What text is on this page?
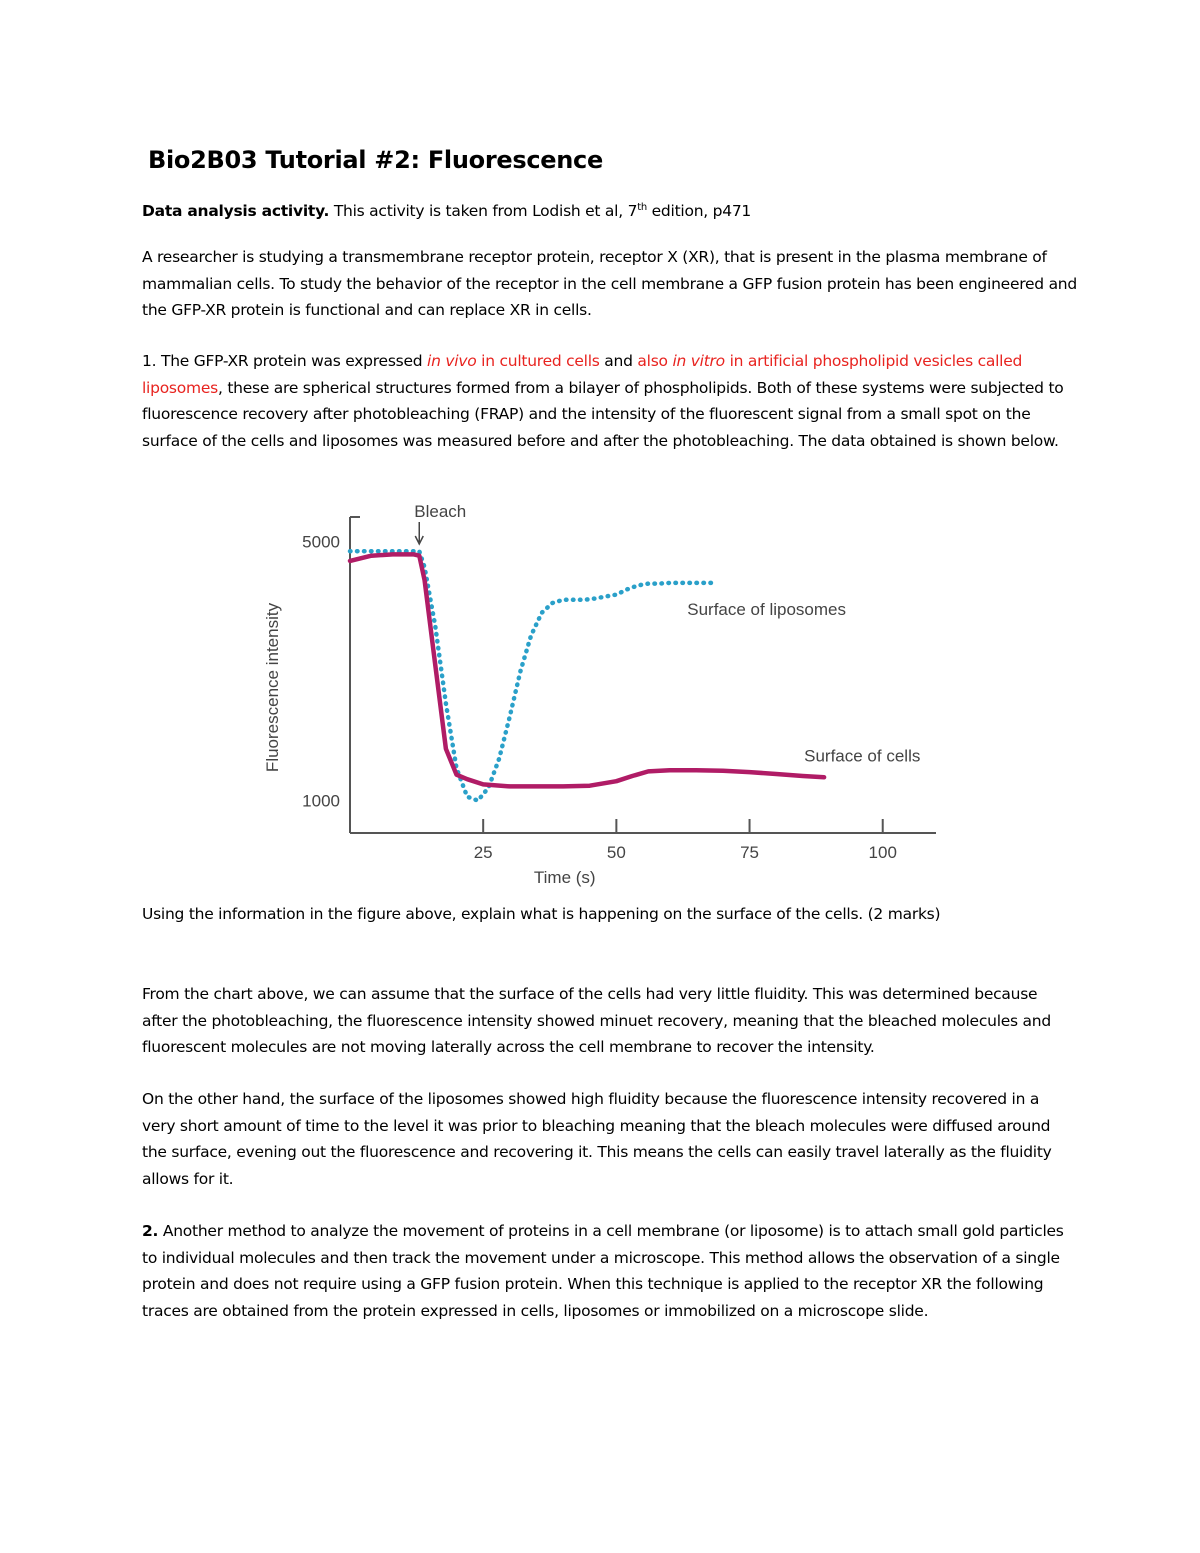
Bio2B03 Tutorial #2: Fluorescence

Data analysis activity. This activity is taken from Lodish et al, 7th edition, p471

A researcher is studying a transmembrane receptor protein, receptor X (XR), that is present in the plasma membrane of mammalian cells. To study the behavior of the receptor in the cell membrane a GFP fusion protein has been engineered and the GFP-XR protein is functional and can replace XR in cells.

1. The GFP-XR protein was expressed in vivo in cultured cells and also in vitro in artificial phospholipid vesicles called liposomes, these are spherical structures formed from a bilayer of phospholipids. Both of these systems were subjected to fluorescence recovery after photobleaching (FRAP) and the intensity of the fluorescent signal from a small spot on the surface of the cells and liposomes was measured before and after the photobleaching. The data obtained is shown below.

25	50	75	100
5000
1000
Time (s)
Fluorescence intensity
Bleach
Surface of liposomes
Surface of cells

Using the information in the figure above, explain what is happening on the surface of the cells. (2 marks)

From the chart above, we can assume that the surface of the cells had very little fluidity. This was determined because after the photobleaching, the fluorescence intensity showed minuet recovery, meaning that the bleached molecules and fluorescent molecules are not moving laterally across the cell membrane to recover the intensity.

On the other hand, the surface of the liposomes showed high fluidity because the fluorescence intensity recovered in a very short amount of time to the level it was prior to bleaching meaning that the bleach molecules were diffused around the surface, evening out the fluorescence and recovering it. This means the cells can easily travel laterally as the fluidity allows for it.

2. Another method to analyze the movement of proteins in a cell membrane (or liposome) is to attach small gold particles to individual molecules and then track the movement under a microscope. This method allows the observation of a single protein and does not require using a GFP fusion protein. When this technique is applied to the receptor XR the following traces are obtained from the protein expressed in cells, liposomes or immobilized on a microscope slide.
